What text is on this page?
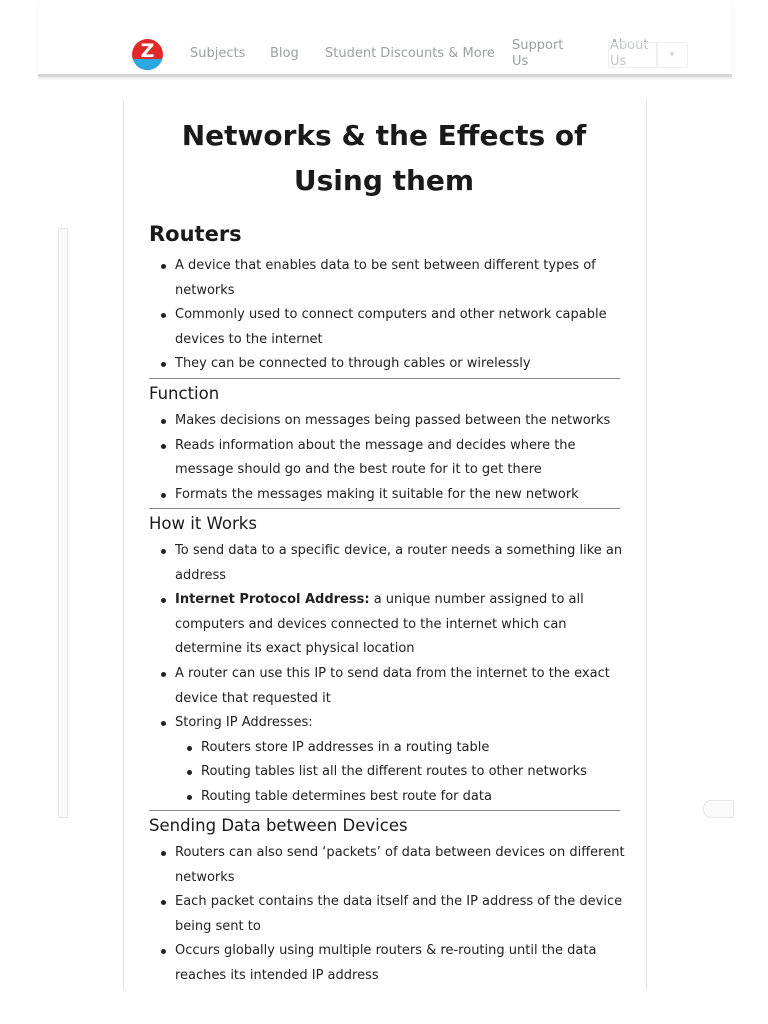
Z	Subjects Blog Student Discounts & More
Support Us
About Us	▾
Networks & the Effects of
Using them
Routers
A device that enables data to be sent between different types of networks
Commonly used to connect computers and other network capable devices to the internet
They can be connected to through cables or wirelessly
Function
Makes decisions on messages being passed between the networks
Reads information about the message and decides where the message should go and the best route for it to get there
Formats the messages making it suitable for the new network
How it Works
To send data to a specific device, a router needs a something like an address
Internet Protocol Address: a unique number assigned to all computers and devices connected to the internet which can determine its exact physical location
A router can use this IP to send data from the internet to the exact device that requested it
Storing IP Addresses:
Routers store IP addresses in a routing table
Routing tables list all the different routes to other networks
Routing table determines best route for data
Sending Data between Devices
Routers can also send ‘packets’ of data between devices on different networks
Each packet contains the data itself and the IP address of the device being sent to
Occurs globally using multiple routers & re-routing until the data reaches its intended IP address
